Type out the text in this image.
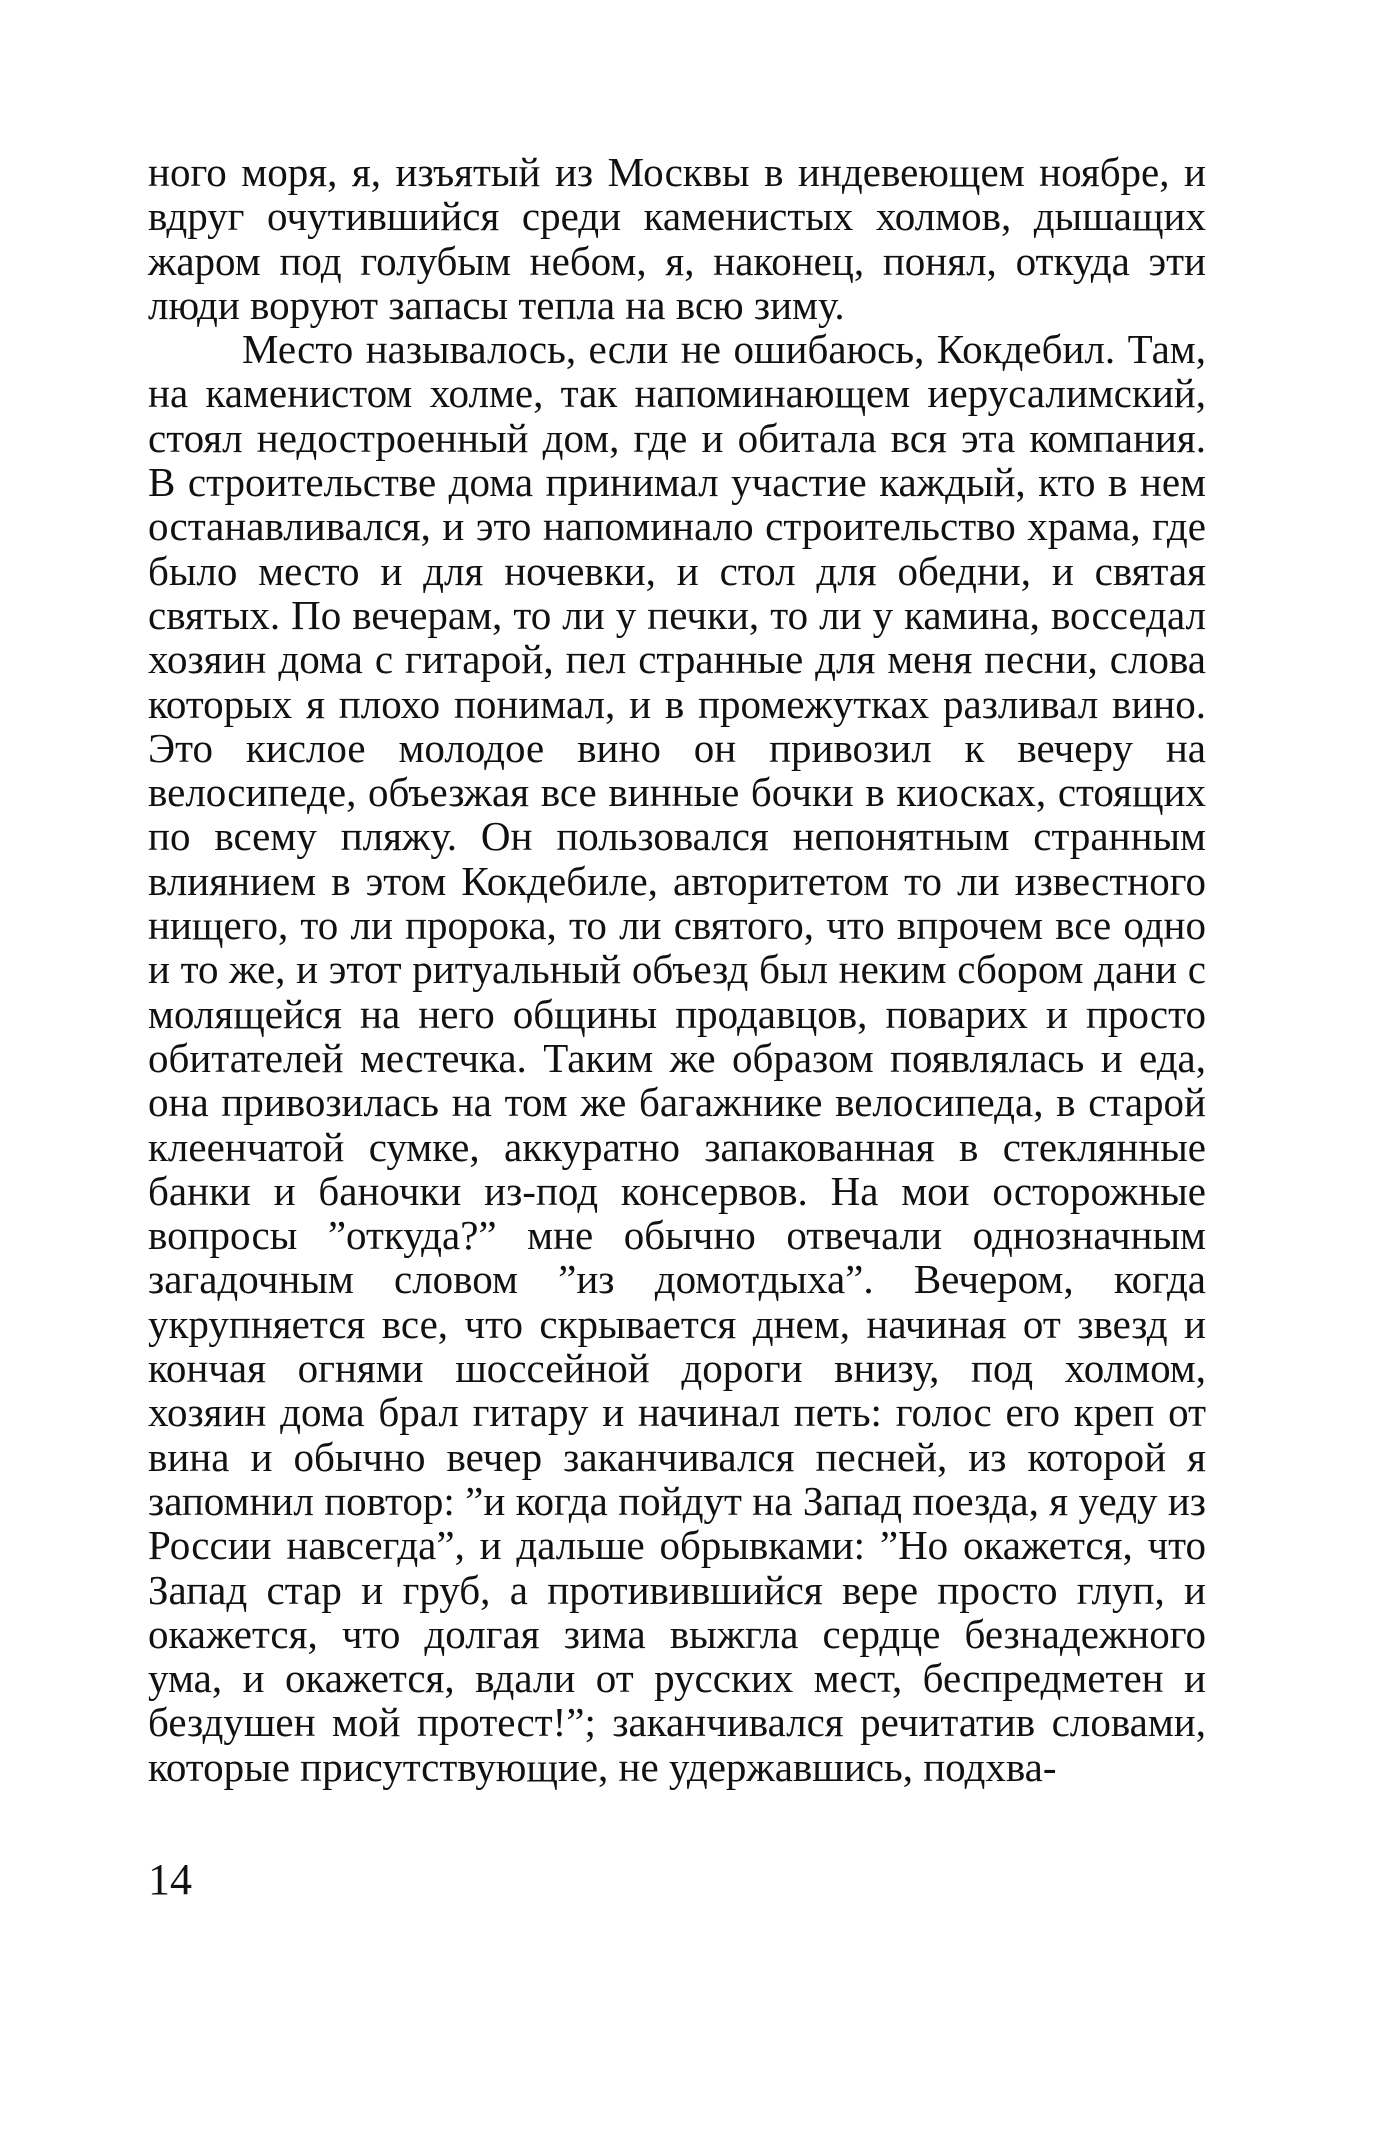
ного моря, я, изъятый из Москвы в индевеющем ноябре, и вдруг очутившийся среди каменистых холмов, дышащих жаром под голубым небом, я, наконец, понял, откуда эти люди воруют запасы тепла на всю зиму.

Место называлось, если не ошибаюсь, Кокдебил. Там, на каменистом холме, так напоминающем иерусалимский, стоял недостроенный дом, где и обитала вся эта компания. В строительстве дома принимал участие каждый, кто в нем останавливался, и это напоминало строительство храма, где было место и для ночевки, и стол для обедни, и святая святых. По вечерам, то ли у печки, то ли у камина, восседал хозяин дома с гитарой, пел странные для меня песни, слова которых я плохо понимал, и в промежутках разливал вино. Это кислое молодое вино он привозил к вечеру на велосипеде, объезжая все винные бочки в киосках, стоящих по всему пляжу. Он пользовался непонятным странным влиянием в этом Кокдебиле, авторитетом то ли известного нищего, то ли пророка, то ли святого, что впрочем все одно и то же, и этот ритуальный объезд был неким сбором дани с молящейся на него общины продавцов, поварих и просто обитателей местечка. Таким же образом появлялась и еда, она привозилась на том же багажнике велосипеда, в старой клеенчатой сумке, аккуратно запакованная в стеклянные банки и баночки из-под консервов. На мои осторожные вопросы ”откуда?” мне обычно отвечали однозначным загадочным словом ”из домотдыха”. Вечером, когда укрупняется все, что скрывается днем, начиная от звезд и кончая огнями шоссейной дороги внизу, под холмом, хозяин дома брал гитару и начинал петь: голос его креп от вина и обычно вечер заканчивался песней, из которой я запомнил повтор: ”и когда пойдут на Запад поезда, я уеду из России навсегда”, и дальше обрывками: ”Но окажется, что Запад стар и груб, а противившийся вере просто глуп, и окажется, что долгая зима выжгла сердце безнадежного ума, и окажется, вдали от русских мест, беспредметен и бездушен мой протест!”; заканчивался речитатив словами, которые присутствующие, не удержавшись, подхва-

14
